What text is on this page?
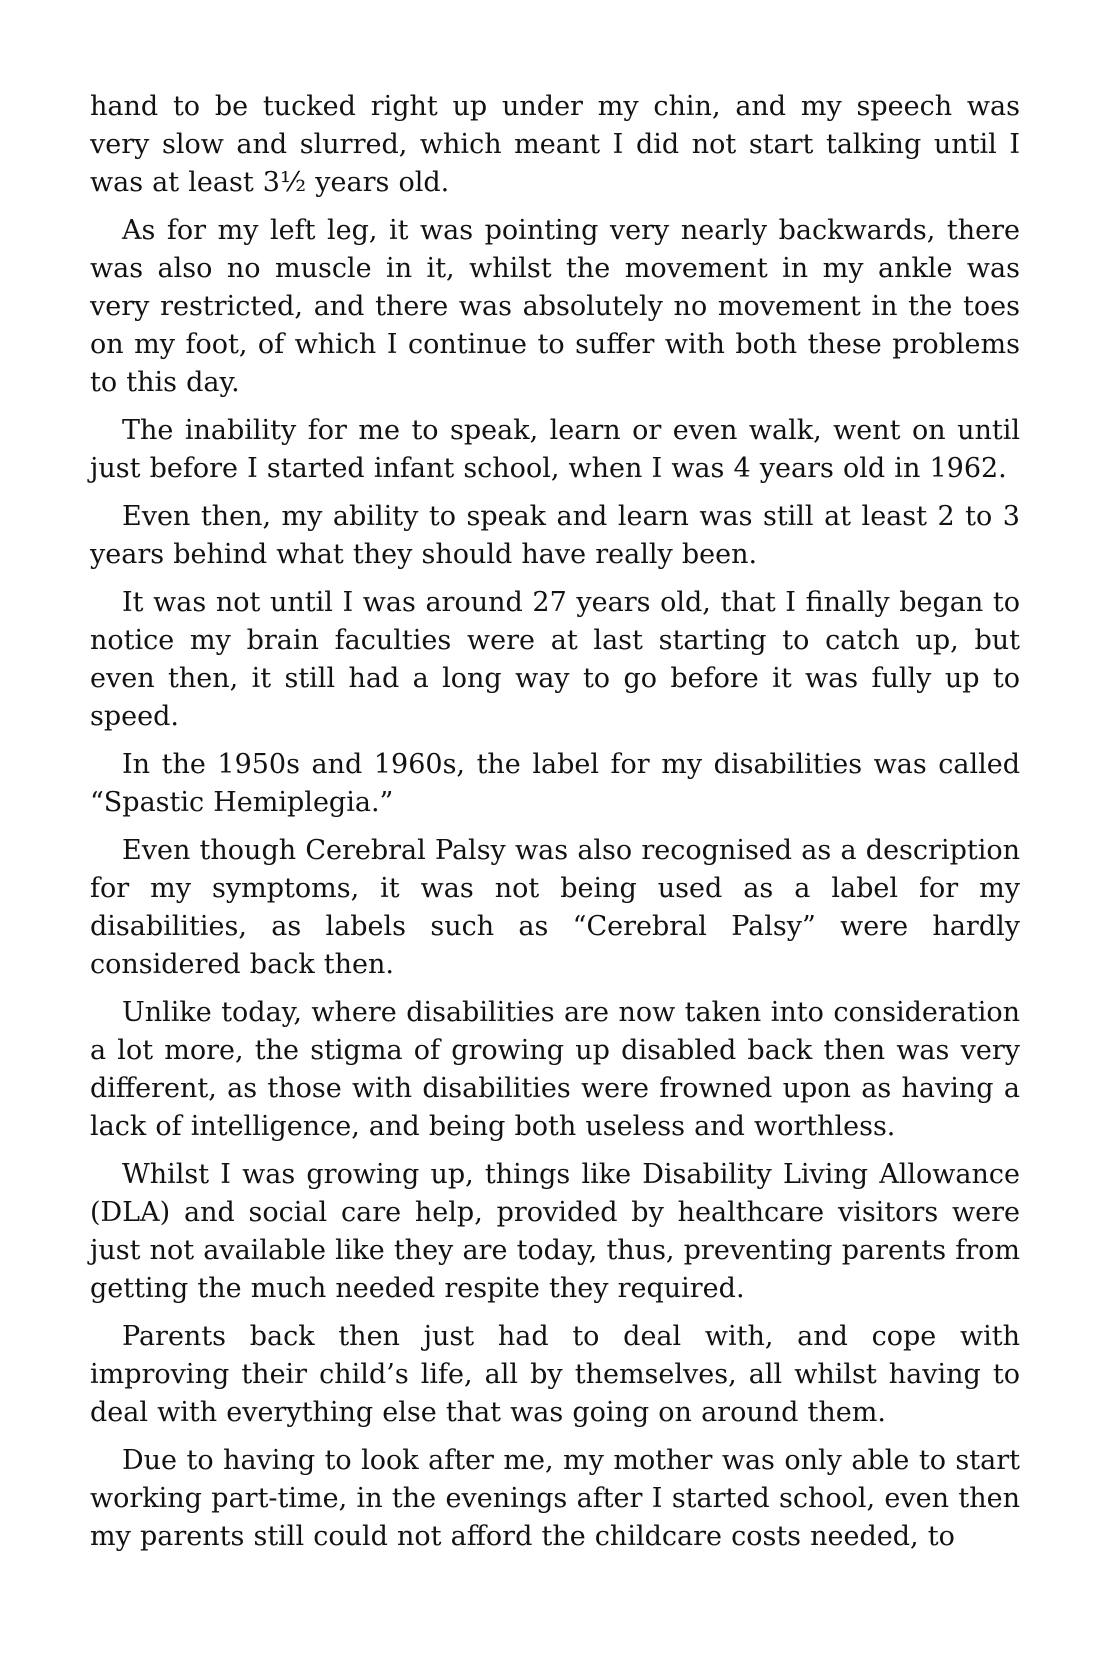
hand to be tucked right up under my chin, and my speech was very slow and slurred, which meant I did not start talking until I was at least 3½ years old.

As for my left leg, it was pointing very nearly backwards, there was also no muscle in it, whilst the movement in my ankle was very restricted, and there was absolutely no movement in the toes on my foot, of which I continue to suffer with both these problems to this day.

The inability for me to speak, learn or even walk, went on until just before I started infant school, when I was 4 years old in 1962.

Even then, my ability to speak and learn was still at least 2 to 3 years behind what they should have really been.

It was not until I was around 27 years old, that I finally began to notice my brain faculties were at last starting to catch up, but even then, it still had a long way to go before it was fully up to speed.

In the 1950s and 1960s, the label for my disabilities was called “Spastic Hemiplegia.”

Even though Cerebral Palsy was also recognised as a description for my symptoms, it was not being used as a label for my disabilities, as labels such as “Cerebral Palsy” were hardly considered back then.

Unlike today, where disabilities are now taken into consideration a lot more, the stigma of growing up disabled back then was very different, as those with disabilities were frowned upon as having a lack of intelligence, and being both useless and worthless.

Whilst I was growing up, things like Disability Living Allowance (DLA) and social care help, provided by healthcare visitors were just not available like they are today, thus, preventing parents from getting the much needed respite they required.

Parents back then just had to deal with, and cope with improving their child’s life, all by themselves, all whilst having to deal with everything else that was going on around them.

Due to having to look after me, my mother was only able to start working part-time, in the evenings after I started school, even then my parents still could not afford the childcare costs needed, to
